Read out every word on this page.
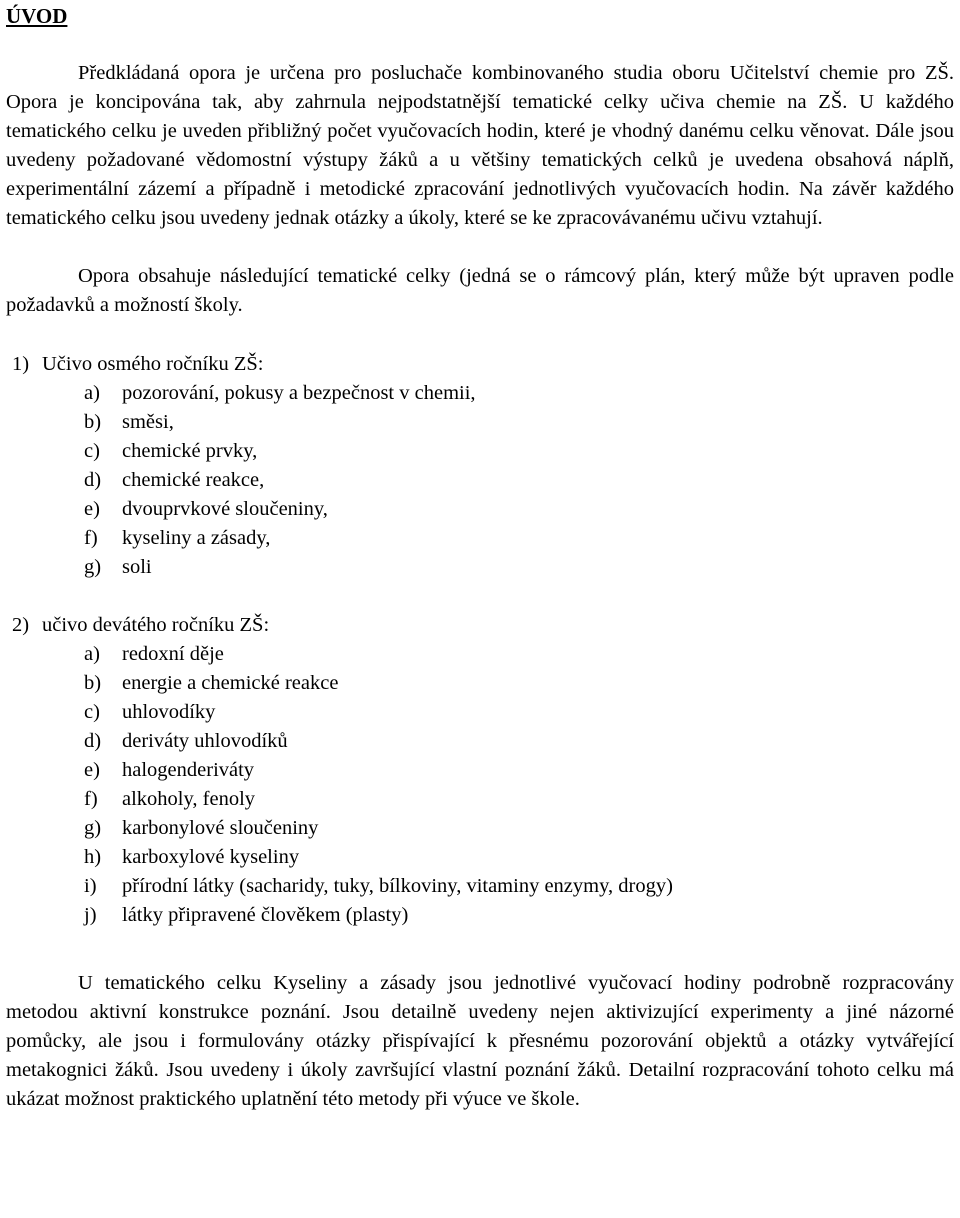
ÚVOD

Předkládaná opora je určena pro posluchače kombinovaného studia oboru Učitelství chemie pro ZŠ. Opora je koncipována tak, aby zahrnula nejpodstatnější tematické celky učiva chemie na ZŠ. U každého tematického celku je uveden přibližný počet vyučovacích hodin, které je vhodný danému celku věnovat. Dále jsou uvedeny požadované vědomostní výstupy žáků a u většiny tematických celků je uvedena obsahová náplň, experimentální zázemí a případně i metodické zpracování jednotlivých vyučovacích hodin. Na závěr každého tematického celku jsou uvedeny jednak otázky a úkoly, které se ke zpracovávanému učivu vztahují.

Opora obsahuje následující tematické celky (jedná se o rámcový plán, který může být upraven podle požadavků a možností školy.

1) Učivo osmého ročníku ZŠ:
a)	pozorování, pokusy a bezpečnost v chemii,
b)	směsi,
c)	chemické prvky,
d)	chemické reakce,
e)	dvouprvkové sloučeniny,
f)	kyseliny a zásady,
g)	soli
2) učivo devátého ročníku ZŠ:
a)	redoxní děje
b)	energie a chemické reakce
c)	uhlovodíky
d)	deriváty uhlovodíků
e)	halogenderiváty
f)	alkoholy, fenoly
g)	karbonylové sloučeniny
h)	karboxylové kyseliny
i)	přírodní látky (sacharidy, tuky, bílkoviny, vitaminy enzymy, drogy)
j)	látky připravené člověkem (plasty)

U tematického celku Kyseliny a zásady jsou jednotlivé vyučovací hodiny podrobně rozpracovány metodou aktivní konstrukce poznání. Jsou detailně uvedeny nejen aktivizující experimenty a jiné názorné pomůcky, ale jsou i formulovány otázky přispívající k přesnému pozorování objektů a otázky vytvářející metakognici žáků. Jsou uvedeny i úkoly završující vlastní poznání žáků. Detailní rozpracování tohoto celku má ukázat možnost praktického uplatnění této metody při výuce ve škole.
